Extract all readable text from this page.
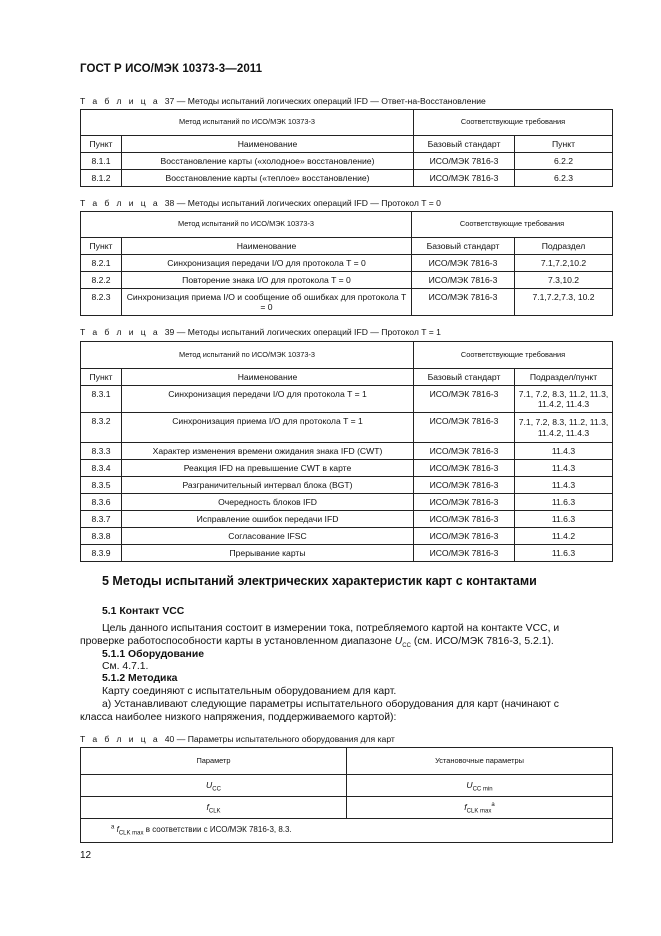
ГОСТ Р ИСО/МЭК 10373-3—2011
Т а б л и ц а 37 — Методы испытаний логических операций IFD — Ответ-на-Восстановление
Метод испытаний по ИСО/МЭК 10373-3		Соответствующие требования	
Пункт	Наименование	Базовый стандарт	Пункт
8.1.1	Восстановление карты («холодное» восстановление)	ИСО/МЭК 7816-3	6.2.2
8.1.2	Восстановление карты («теплое» восстановление)	ИСО/МЭК 7816-3	6.2.3
Т а б л и ц а 38 — Методы испытаний логических операций IFD — Протокол T = 0
Метод испытаний по ИСО/МЭК 10373-3		Соответствующие требования	
Пункт	Наименование	Базовый стандарт	Подраздел
8.2.1	Синхронизация передачи I/O для протокола T = 0	ИСО/МЭК 7816-3	7.1,7.2,10.2
8.2.2	Повторение знака I/O для протокола T = 0	ИСО/МЭК 7816-3	7.3,10.2
8.2.3	Синхронизация приема I/O и сообщение об ошибках для протокола T = 0	ИСО/МЭК 7816-3	7.1,7.2,7.3, 10.2
Т а б л и ц а 39 — Методы испытаний логических операций IFD — Протокол T = 1
Метод испытаний по ИСО/МЭК 10373-3		Соответствующие требования	
Пункт	Наименование	Базовый стандарт	Подраздел/пункт
8.3.1	Синхронизация передачи I/O для протокола T = 1	ИСО/МЭК 7816-3	7.1, 7.2, 8.3, 11.2, 11.3, 11.4.2, 11.4.3
8.3.2	Синхронизация приема I/O для протокола T = 1	ИСО/МЭК 7816-3	7.1, 7.2, 8.3, 11.2, 11.3, 11.4.2, 11.4.3
8.3.3	Характер изменения времени ожидания знака IFD (CWT)	ИСО/МЭК 7816-3	11.4.3
8.3.4	Реакция IFD на превышение CWT в карте	ИСО/МЭК 7816-3	11.4.3
8.3.5	Разграничительный интервал блока (BGT)	ИСО/МЭК 7816-3	11.4.3
8.3.6	Очередность блоков IFD	ИСО/МЭК 7816-3	11.6.3
8.3.7	Исправление ошибок передачи IFD	ИСО/МЭК 7816-3	11.6.3
8.3.8	Согласование IFSC	ИСО/МЭК 7816-3	11.4.2
8.3.9	Прерывание карты	ИСО/МЭК 7816-3	11.6.3
5 Методы испытаний электрических характеристик карт с контактами
5.1 Контакт VCC
Цель данного испытания состоит в измерении тока, потребляемого картой на контакте VCC, и
проверке работоспособности карты в установленном диапазоне $U_{CC}$ (см. ИСО/МЭК 7816-3, 5.2.1).
5.1.1 Оборудование
См. 4.7.1.
5.1.2 Методика
Карту соединяют с испытательным оборудованием для карт.
а) Устанавливают следующие параметры испытательного оборудования для карт (начинают с
класса наиболее низкого напряжения, поддерживаемого картой):
Т а б л и ц а 40 — Параметры испытательного оборудования для карт
Параметр	Установочные параметры
$U_{CC}$	$U_{CC min}$
$f_{CLK}$	$f_{CLK max}^a$
$^a$ $f_{CLK max}$ в соответствии с ИСО/МЭК 7816-3, 8.3.	
12
